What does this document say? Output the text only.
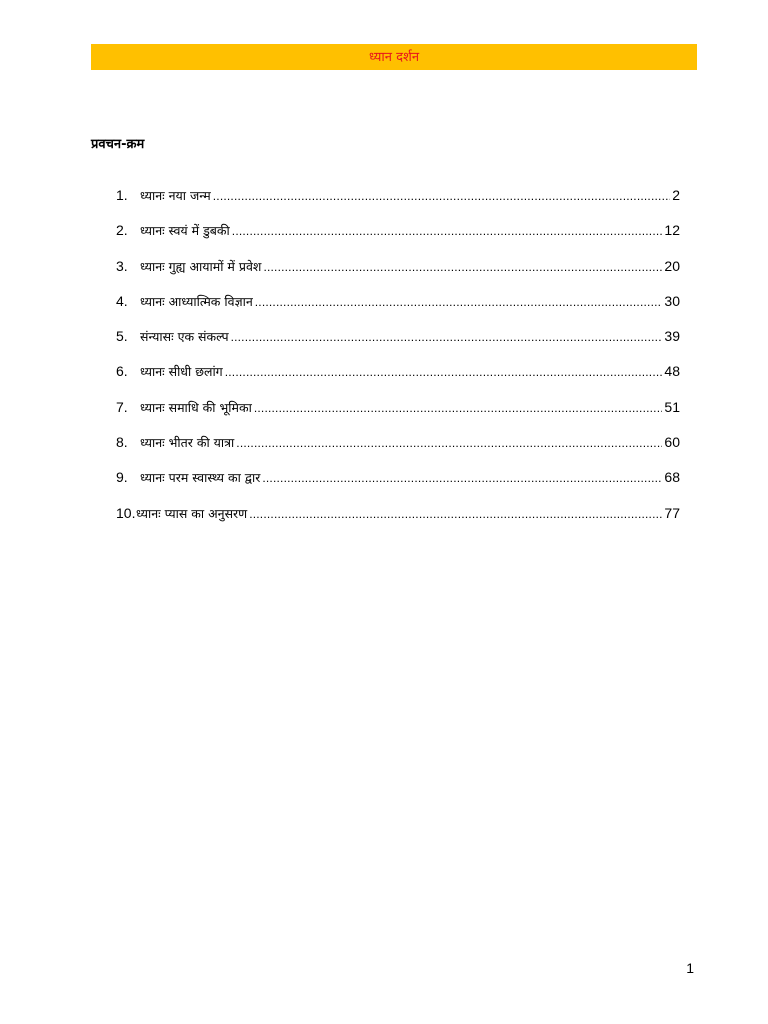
ध्यान दर्शन
प्रवचन-क्रम
1. ध्यानः नया जन्म .....	2
2. ध्यानः स्वयं में डुबकी .....	12
3. ध्यानः गुह्य आयामों में प्रवेश .....	20
4. ध्यानः आध्यात्मिक विज्ञान .....	30
5. संन्यासः एक संकल्प .....	39
6. ध्यानः सीधी छलांग .....	48
7. ध्यानः समाधि की भूमिका .....	51
8. ध्यानः भीतर की यात्रा .....	60
9. ध्यानः परम स्वास्थ्य का द्वार .....	68
10. ध्यानः प्यास का अनुसरण .....	77
1
